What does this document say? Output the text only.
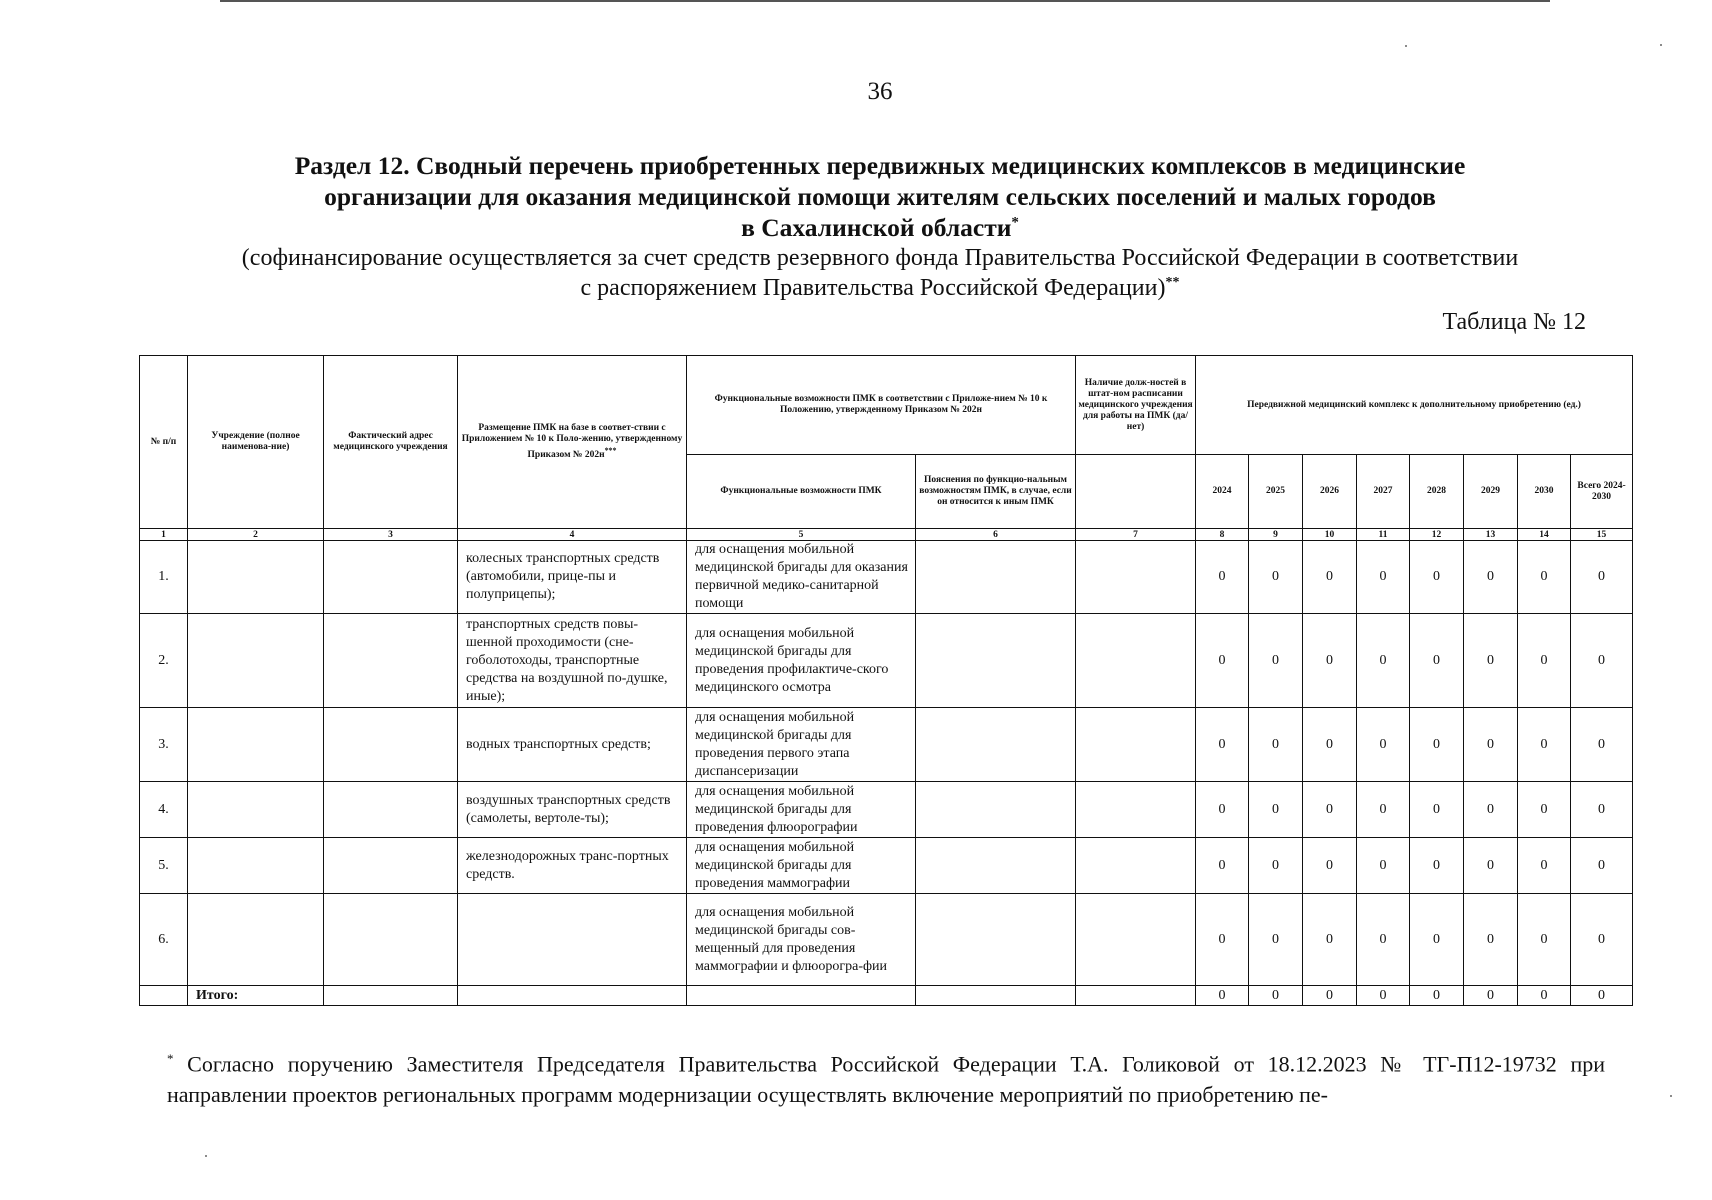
36
Раздел 12. Сводный перечень приобретенных передвижных медицинских комплексов в медицинские
организации для оказания медицинской помощи жителям сельских поселений и малых городов
в Сахалинской области*
(софинансирование осуществляется за счет средств резервного фонда Правительства Российской Федерации в соответствии
с распоряжением Правительства Российской Федерации)**
Таблица № 12
№ п/п	Учреждение (полное наименова-ние)	Фактический адрес медицинского учреждения	Размещение ПМК на базе в соответ-ствии с Приложением № 10 к Поло-жению, утвержденному Приказом № 202н***	Функциональные возможности ПМК в соответствии с Приложе-нием № 10 к Положению, утвержденному Приказом № 202н		Наличие долж-ностей в штат-ном расписании медицинского учреждения для работы на ПМК (да/нет)	Передвижной медицинский комплекс к дополнительному приобретению (ед.)							
				Функциональные возможности ПМК	Пояснения по функцио-нальным возможностям ПМК, в случае, если он относится к иным ПМК		2024	2025	2026	2027	2028	2029	2030	Всего 2024-2030
1	2	3	4	5	6	7	8	9	10	11	12	13	14	15
1.			колесных транспортных средств (автомобили, прице-пы и полуприцепы);	для оснащения мобильной медицинской бригады для оказания первичной медико-санитарной помощи			0	0	0	0	0	0	0	0
2.			транспортных средств повы-шенной проходимости (сне-гоболотоходы, транспортные средства на воздушной по-душке, иные);	для оснащения мобильной медицинской бригады для проведения профилактиче-ского медицинского осмотра			0	0	0	0	0	0	0	0
3.			водных транспортных средств;	для оснащения мобильной медицинской бригады для проведения первого этапа диспансеризации			0	0	0	0	0	0	0	0
4.			воздушных транспортных средств (самолеты, вертоле-ты);	для оснащения мобильной медицинской бригады для проведения флюорографии			0	0	0	0	0	0	0	0
5.			железнодорожных транс-портных средств.	для оснащения мобильной медицинской бригады для проведения маммографии			0	0	0	0	0	0	0	0
6.				для оснащения мобильной медицинской бригады сов-мещенный для проведения маммографии и флюорогра-фии			0	0	0	0	0	0	0	0
	Итого:						0	0	0	0	0	0	0	0
* Согласно поручению Заместителя Председателя Правительства Российской Федерации Т.А. Голиковой от 18.12.2023 № ТГ-П12-19732 при направлении проектов региональных программ модернизации осуществлять включение мероприятий по приобретению пе-
